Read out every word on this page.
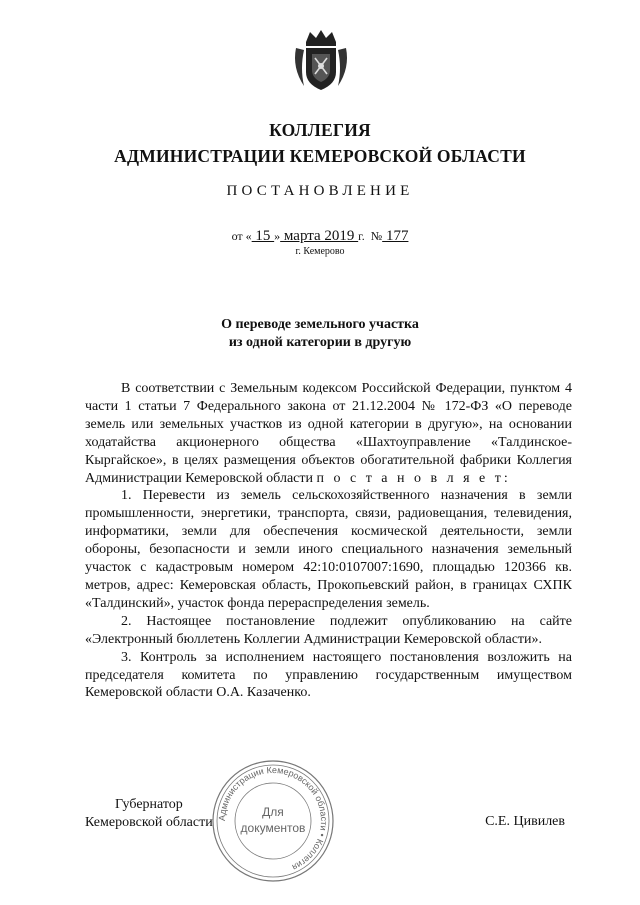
КОЛЛЕГИЯ
АДМИНИСТРАЦИИ КЕМЕРОВСКОЙ ОБЛАСТИ
ПОСТАНОВЛЕНИЕ
от « 15 » марта 2019 г. № 177
г. Кемерово
О переводе земельного участка
из одной категории в другую

В соответствии с Земельным кодексом Российской Федерации, пунктом 4 части 1 статьи 7 Федерального закона от 21.12.2004 № 172-ФЗ «О переводе земель или земельных участков из одной категории в другую», на основании ходатайства акционерного общества «Шахтоуправление «Талдинское-Кыргайское», в целях размещения объектов обогатительной фабрики Коллегия Администрации Кемеровской области п о с т а н о в л я е т:

1. Перевести из земель сельскохозяйственного назначения в земли промышленности, энергетики, транспорта, связи, радиовещания, телевидения, информатики, земли для обеспечения космической деятельности, земли обороны, безопасности и земли иного специального назначения земельный участок с кадастровым номером 42:10:0107007:1690, площадью 120366 кв. метров, адрес: Кемеровская область, Прокопьевский район, в границах СХПК «Талдинский», участок фонда перераспределения земель.

2. Настоящее постановление подлежит опубликованию на сайте «Электронный бюллетень Коллегии Администрации Кемеровской области».

3. Контроль за исполнением настоящего постановления возложить на председателя комитета по управлению государственным имуществом Кемеровской области О.А. Казаченко.

Губернатор
Кемеровской области	С.Е. Цивилев
Администрации Кемеровской области • Коллегия
Для
документов
